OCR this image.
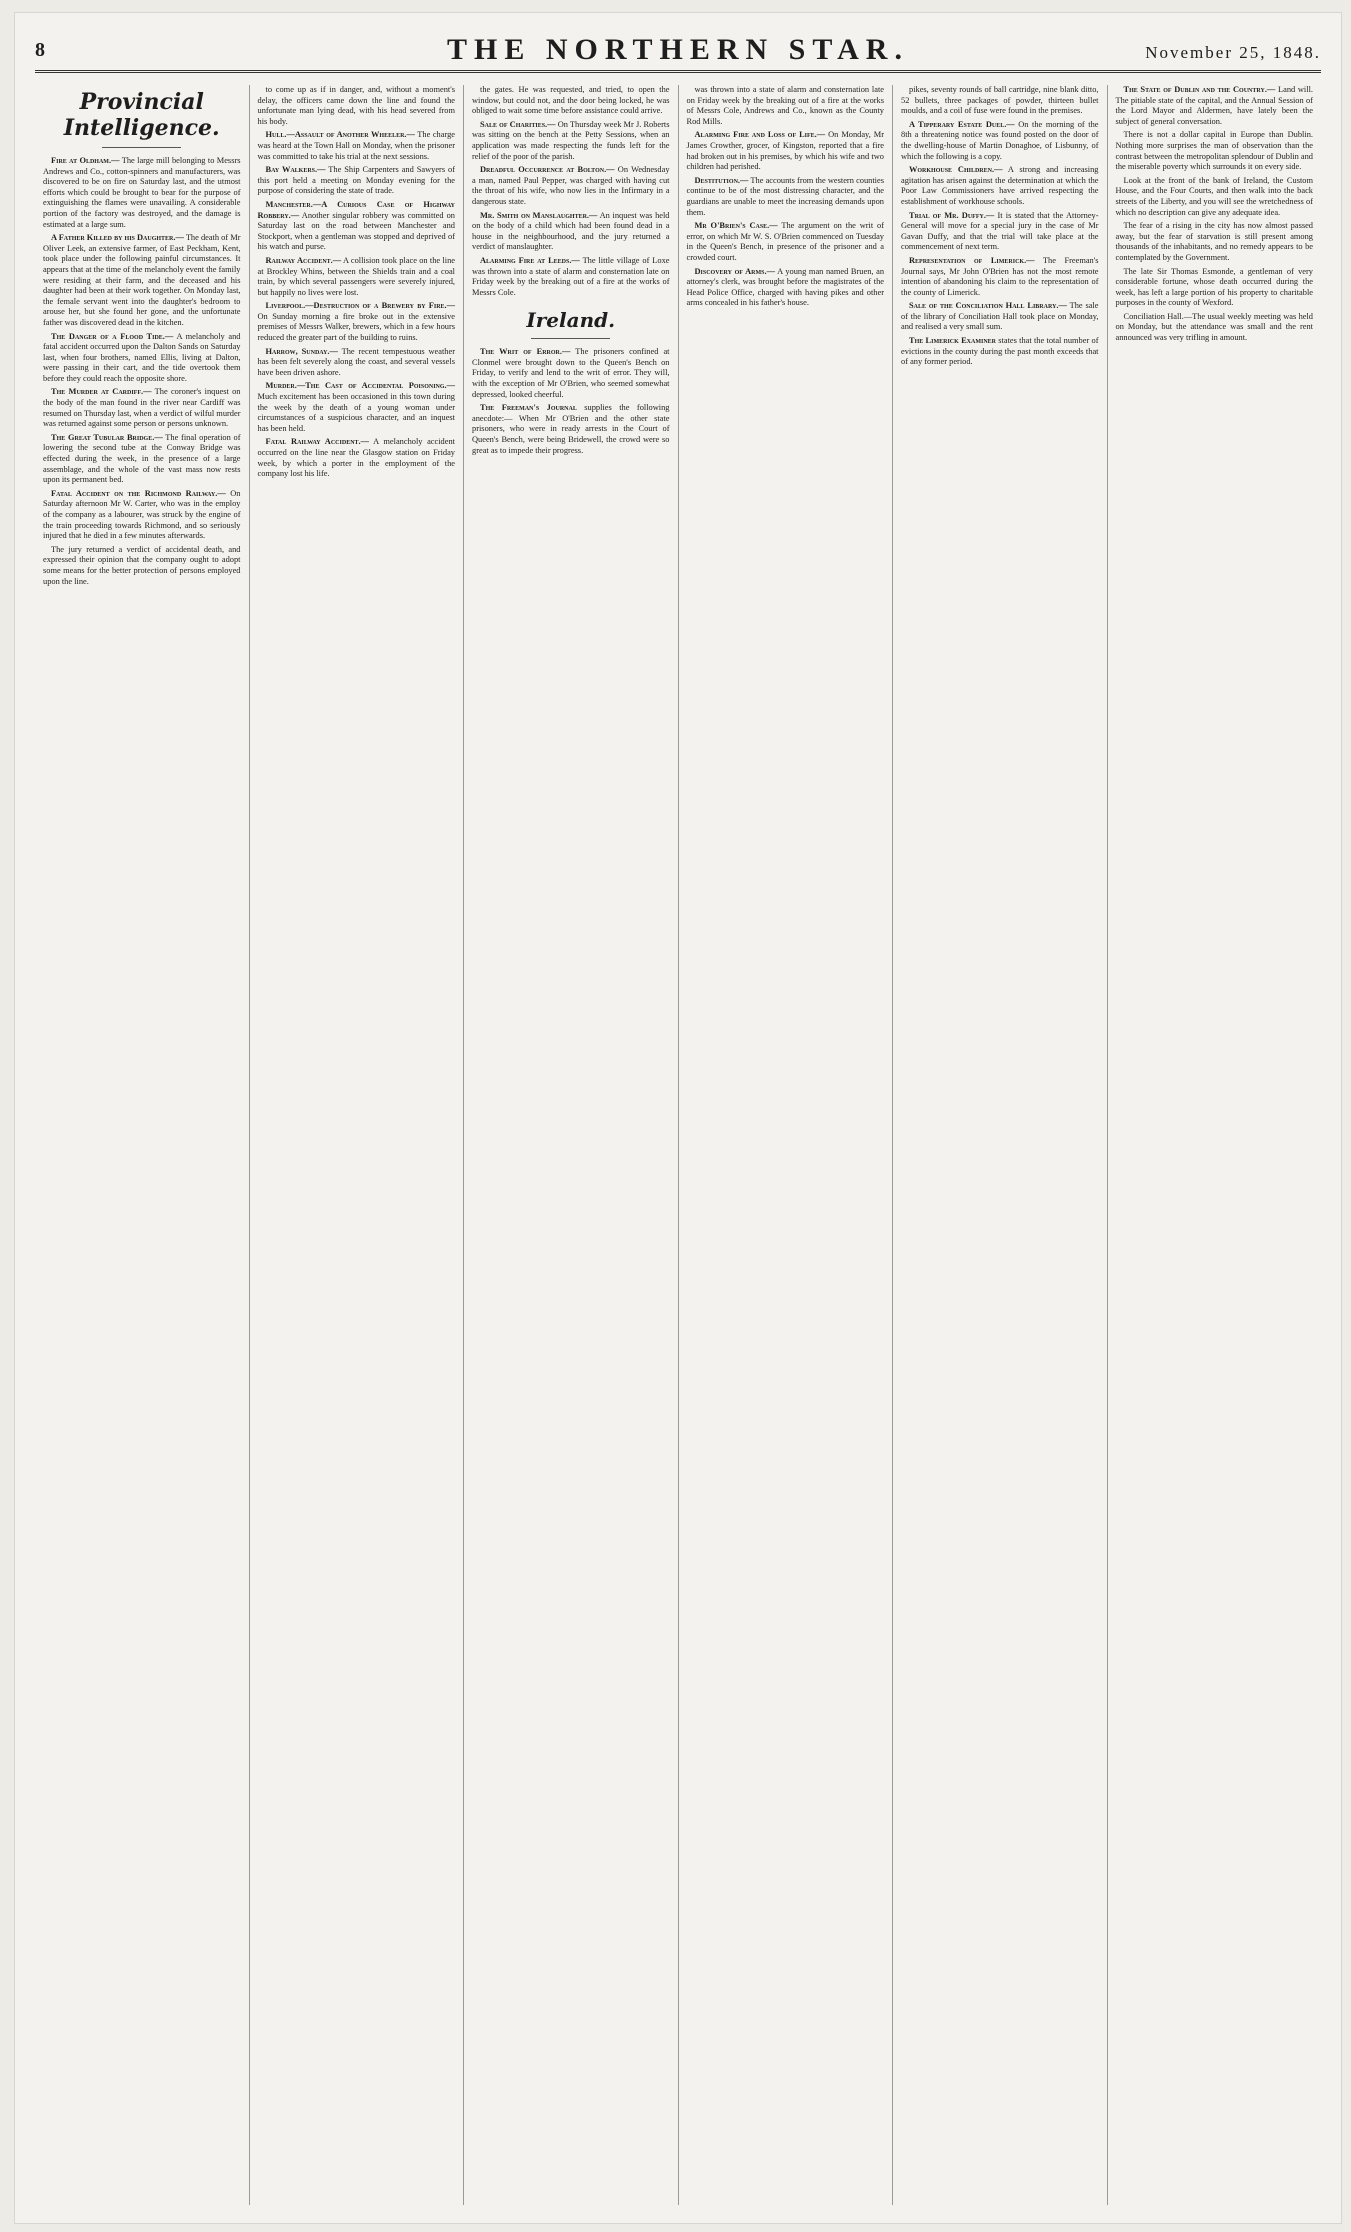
8	THE NORTHERN STAR.	November 25, 1848.
Provincial Intelligence.

Fire at Oldham.— The large mill belonging to Messrs Andrews and Co., cotton-spinners and manufacturers, was discovered to be on fire on Saturday last, and the utmost efforts which could be brought to bear for the purpose of extinguishing the flames were unavailing. A considerable portion of the factory was destroyed, and the damage is estimated at a large sum.

A Father Killed by his Daughter.— The death of Mr Oliver Leek, an extensive farmer, of East Peckham, Kent, took place under the following painful circumstances. It appears that at the time of the melancholy event the family were residing at their farm, and the deceased and his daughter had been at their work together. On Monday last, the female servant went into the daughter's bedroom to arouse her, but she found her gone, and the unfortunate father was discovered dead in the kitchen.

The Danger of a Flood Tide.— A melancholy and fatal accident occurred upon the Dalton Sands on Saturday last, when four brothers, named Ellis, living at Dalton, were passing in their cart, and the tide overtook them before they could reach the opposite shore.

The Murder at Cardiff.— The coroner's inquest on the body of the man found in the river near Cardiff was resumed on Thursday last, when a verdict of wilful murder was returned against some person or persons unknown.

The Great Tubular Bridge.— The final operation of lowering the second tube at the Conway Bridge was effected during the week, in the presence of a large assemblage, and the whole of the vast mass now rests upon its permanent bed.

Fatal Accident on the Richmond Railway.— On Saturday afternoon Mr W. Carter, who was in the employ of the company as a labourer, was struck by the engine of the train proceeding towards Richmond, and so seriously injured that he died in a few minutes afterwards.

The jury returned a verdict of accidental death, and expressed their opinion that the company ought to adopt some means for the better protection of persons employed upon the line.

to come up as if in danger, and, without a moment's delay, the officers came down the line and found the unfortunate man lying dead, with his head severed from his body.

Hull.—Assault of Another Wheeler.— The charge was heard at the Town Hall on Monday, when the prisoner was committed to take his trial at the next sessions.

Bay Walkers.— The Ship Carpenters and Sawyers of this port held a meeting on Monday evening for the purpose of considering the state of trade.

Manchester.—A Curious Case of Highway Robbery.— Another singular robbery was committed on Saturday last on the road between Manchester and Stockport, when a gentleman was stopped and deprived of his watch and purse.

Railway Accident.— A collision took place on the line at Brockley Whins, between the Shields train and a coal train, by which several passengers were severely injured, but happily no lives were lost.

Liverpool.—Destruction of a Brewery by Fire.— On Sunday morning a fire broke out in the extensive premises of Messrs Walker, brewers, which in a few hours reduced the greater part of the building to ruins.

Harrow, Sunday.— The recent tempestuous weather has been felt severely along the coast, and several vessels have been driven ashore.

Murder.—The Cast of Accidental Poisoning.— Much excitement has been occasioned in this town during the week by the death of a young woman under circumstances of a suspicious character, and an inquest has been held.

Fatal Railway Accident.— A melancholy accident occurred on the line near the Glasgow station on Friday week, by which a porter in the employment of the company lost his life.

the gates. He was requested, and tried, to open the window, but could not, and the door being locked, he was obliged to wait some time before assistance could arrive.

Sale of Charities.— On Thursday week Mr J. Roberts was sitting on the bench at the Petty Sessions, when an application was made respecting the funds left for the relief of the poor of the parish.

Dreadful Occurrence at Bolton.— On Wednesday a man, named Paul Pepper, was charged with having cut the throat of his wife, who now lies in the Infirmary in a dangerous state.

Mr. Smith on Manslaughter.— An inquest was held on the body of a child which had been found dead in a house in the neighbourhood, and the jury returned a verdict of manslaughter.

Alarming Fire at Leeds.— The little village of Loxe was thrown into a state of alarm and consternation late on Friday week by the breaking out of a fire at the works of Messrs Cole.

Ireland.

The Writ of Error.— The prisoners confined at Clonmel were brought down to the Queen's Bench on Friday, to verify and lend to the writ of error. They will, with the exception of Mr O'Brien, who seemed somewhat depressed, looked cheerful.

The Freeman's Journal supplies the following anecdote:— When Mr O'Brien and the other state prisoners, who were in ready arrests in the Court of Queen's Bench, were being Bridewell, the crowd were so great as to impede their progress.

was thrown into a state of alarm and consternation late on Friday week by the breaking out of a fire at the works of Messrs Cole, Andrews and Co., known as the County Rod Mills.

Alarming Fire and Loss of Life.— On Monday, Mr James Crowther, grocer, of Kingston, reported that a fire had broken out in his premises, by which his wife and two children had perished.

Destitution.— The accounts from the western counties continue to be of the most distressing character, and the guardians are unable to meet the increasing demands upon them.

Mr O'Brien's Case.— The argument on the writ of error, on which Mr W. S. O'Brien commenced on Tuesday in the Queen's Bench, in presence of the prisoner and a crowded court.

Discovery of Arms.— A young man named Bruen, an attorney's clerk, was brought before the magistrates of the Head Police Office, charged with having pikes and other arms concealed in his father's house.

pikes, seventy rounds of ball cartridge, nine blank ditto, 52 bullets, three packages of powder, thirteen bullet moulds, and a coil of fuse were found in the premises.

A Tipperary Estate Duel.— On the morning of the 8th a threatening notice was found posted on the door of the dwelling-house of Martin Donaghoe, of Lisbunny, of which the following is a copy.

Workhouse Children.— A strong and increasing agitation has arisen against the determination at which the Poor Law Commissioners have arrived respecting the establishment of workhouse schools.

Trial of Mr. Duffy.— It is stated that the Attorney-General will move for a special jury in the case of Mr Gavan Duffy, and that the trial will take place at the commencement of next term.

Representation of Limerick.— The Freeman's Journal says, Mr John O'Brien has not the most remote intention of abandoning his claim to the representation of the county of Limerick.

Sale of the Conciliation Hall Library.— The sale of the library of Conciliation Hall took place on Monday, and realised a very small sum.

The Limerick Examiner states that the total number of evictions in the county during the past month exceeds that of any former period.

The State of Dublin and the Country.— Land will. The pitiable state of the capital, and the Annual Session of the Lord Mayor and Aldermen, have lately been the subject of general conversation.

There is not a dollar capital in Europe than Dublin. Nothing more surprises the man of observation than the contrast between the metropolitan splendour of Dublin and the miserable poverty which surrounds it on every side.

Look at the front of the bank of Ireland, the Custom House, and the Four Courts, and then walk into the back streets of the Liberty, and you will see the wretchedness of which no description can give any adequate idea.

The fear of a rising in the city has now almost passed away, but the fear of starvation is still present among thousands of the inhabitants, and no remedy appears to be contemplated by the Government.

The late Sir Thomas Esmonde, a gentleman of very considerable fortune, whose death occurred during the week, has left a large portion of his property to charitable purposes in the county of Wexford.

Conciliation Hall.—The usual weekly meeting was held on Monday, but the attendance was small and the rent announced was very trifling in amount.
